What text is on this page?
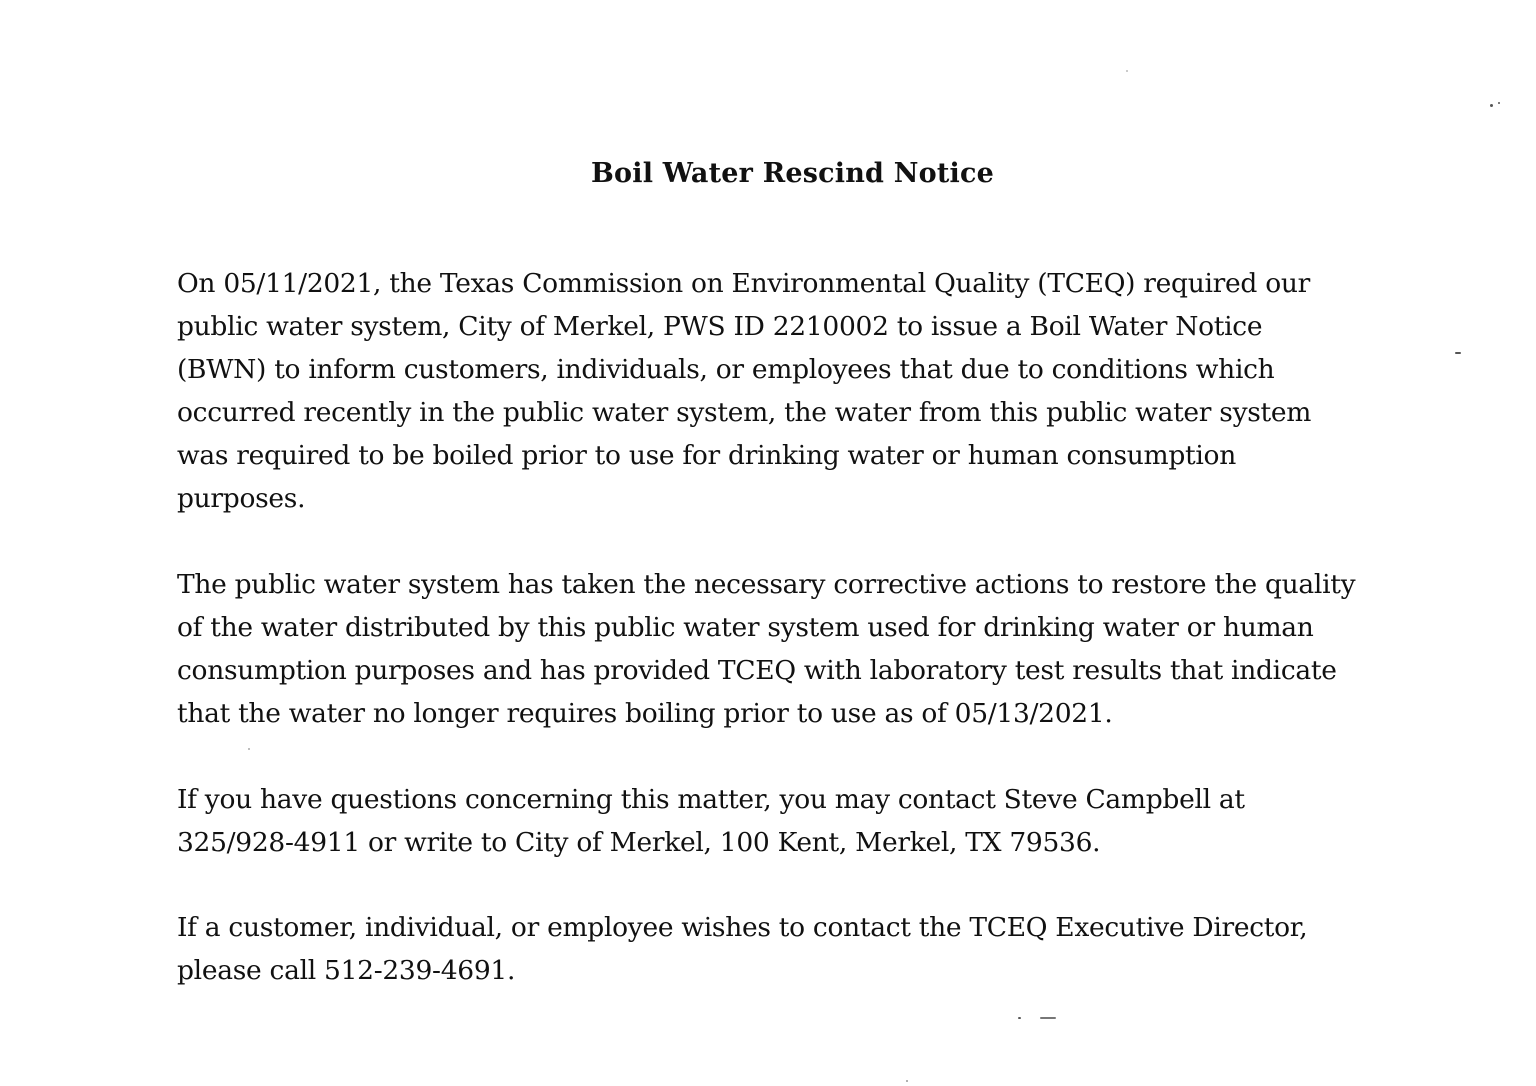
Boil Water Rescind Notice

On 05/11/2021, the Texas Commission on Environmental Quality (TCEQ) required our
public water system, City of Merkel, PWS ID 2210002 to issue a Boil Water Notice
(BWN) to inform customers, individuals, or employees that due to conditions which
occurred recently in the public water system, the water from this public water system
was required to be boiled prior to use for drinking water or human consumption
purposes.

The public water system has taken the necessary corrective actions to restore the quality
of the water distributed by this public water system used for drinking water or human
consumption purposes and has provided TCEQ with laboratory test results that indicate
that the water no longer requires boiling prior to use as of 05/13/2021.

If you have questions concerning this matter, you may contact Steve Campbell at
325/928-4911 or write to City of Merkel, 100 Kent, Merkel, TX 79536.

If a customer, individual, or employee wishes to contact the TCEQ Executive Director,
please call 512-239-4691.
